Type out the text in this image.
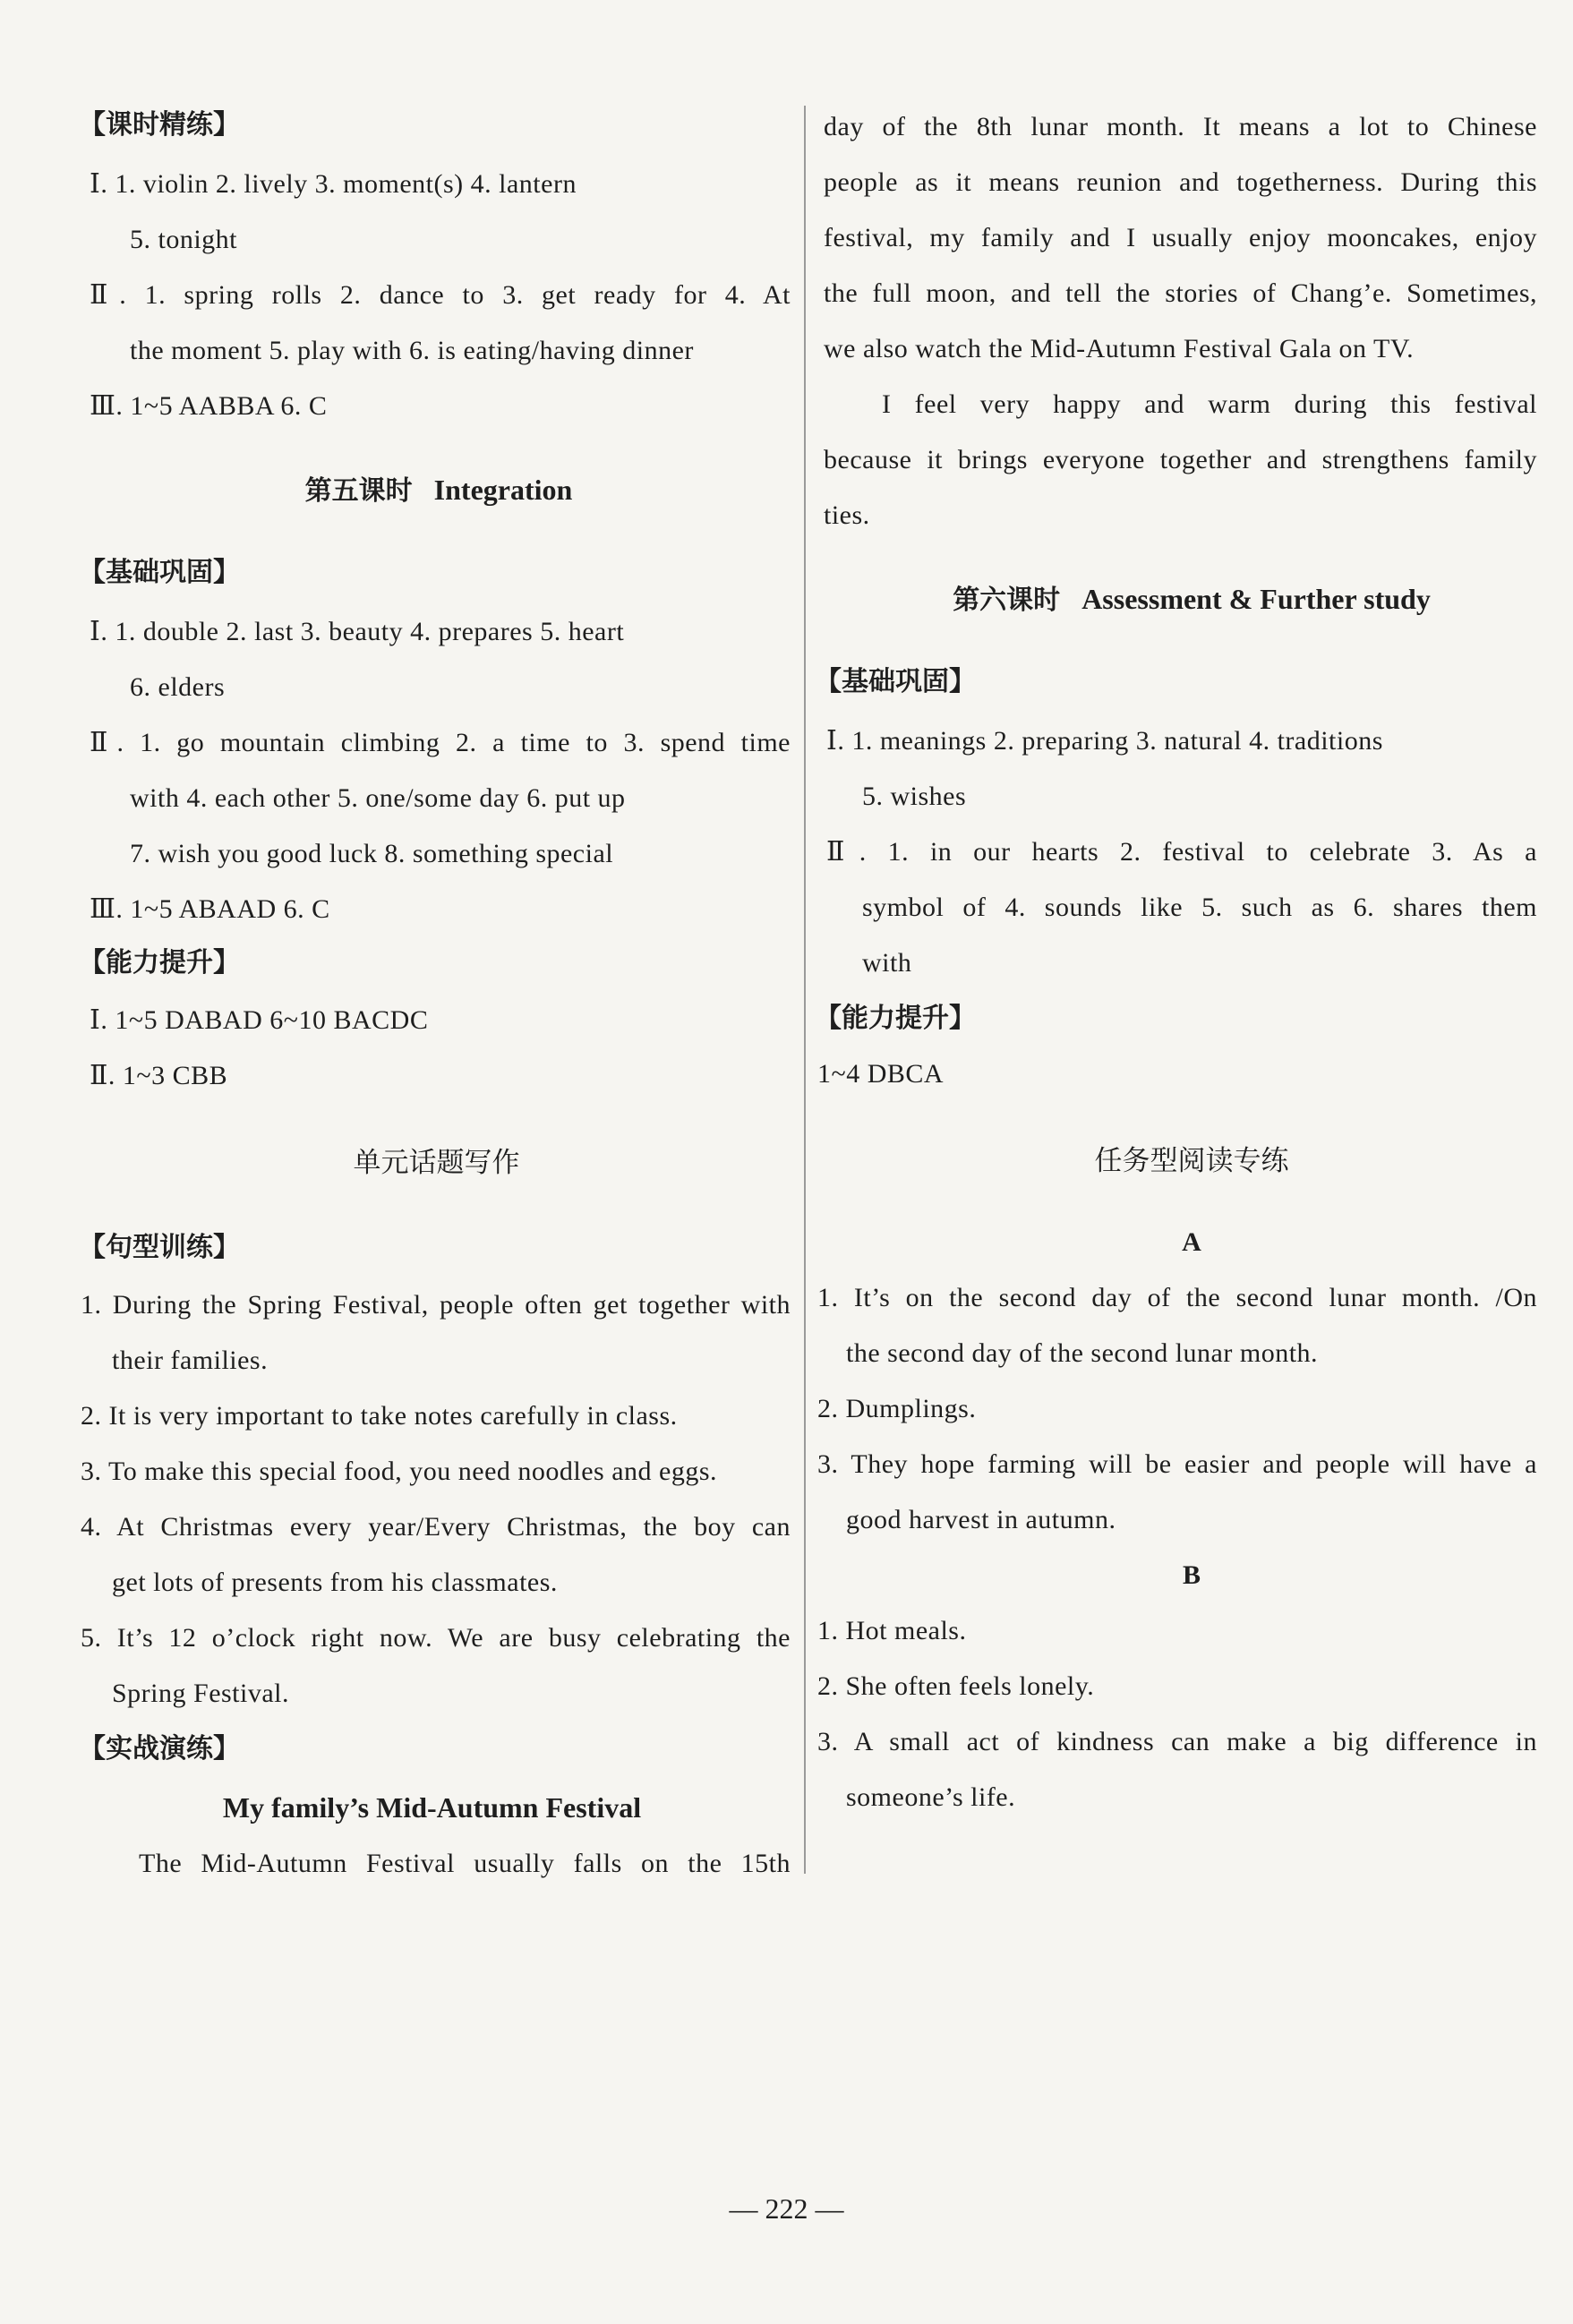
【课时精练】
Ⅰ. 1. violin 2. lively 3. moment(s) 4. lantern
5. tonight
Ⅱ. 1. spring rolls 2. dance to 3. get ready for 4. At
the moment 5. play with 6. is eating/having dinner
Ⅲ. 1~5 AABBA 6. C
第五课时 Integration
【基础巩固】
Ⅰ. 1. double 2. last 3. beauty 4. prepares 5. heart
6. elders
Ⅱ. 1. go mountain climbing 2. a time to 3. spend time
with 4. each other 5. one/some day 6. put up
7. wish you good luck 8. something special
Ⅲ. 1~5 ABAAD 6. C
【能力提升】
Ⅰ. 1~5 DABAD 6~10 BACDC
Ⅱ. 1~3 CBB
单元话题写作
【句型训练】
1. During the Spring Festival, people often get together with
their families.
2. It is very important to take notes carefully in class.
3. To make this special food, you need noodles and eggs.
4. At Christmas every year/Every Christmas, the boy can
get lots of presents from his classmates.
5. It’s 12 o’clock right now. We are busy celebrating the
Spring Festival.
【实战演练】
My family’s Mid-Autumn Festival
The Mid-Autumn Festival usually falls on the 15th
day of the 8th lunar month. It means a lot to Chinese
people as it means reunion and togetherness. During this
festival, my family and I usually enjoy mooncakes, enjoy
the full moon, and tell the stories of Chang’e. Sometimes,
we also watch the Mid-Autumn Festival Gala on TV.
I feel very happy and warm during this festival
because it brings everyone together and strengthens family
ties.
第六课时 Assessment & Further study
【基础巩固】
Ⅰ. 1. meanings 2. preparing 3. natural 4. traditions
5. wishes
Ⅱ. 1. in our hearts 2. festival to celebrate 3. As a
symbol of 4. sounds like 5. such as 6. shares them
with
【能力提升】
1~4 DBCA
任务型阅读专练
A
1. It’s on the second day of the second lunar month. /On
the second day of the second lunar month.
2. Dumplings.
3. They hope farming will be easier and people will have a
good harvest in autumn.
B
1. Hot meals.
2. She often feels lonely.
3. A small act of kindness can make a big difference in
someone’s life.
— 222 —
